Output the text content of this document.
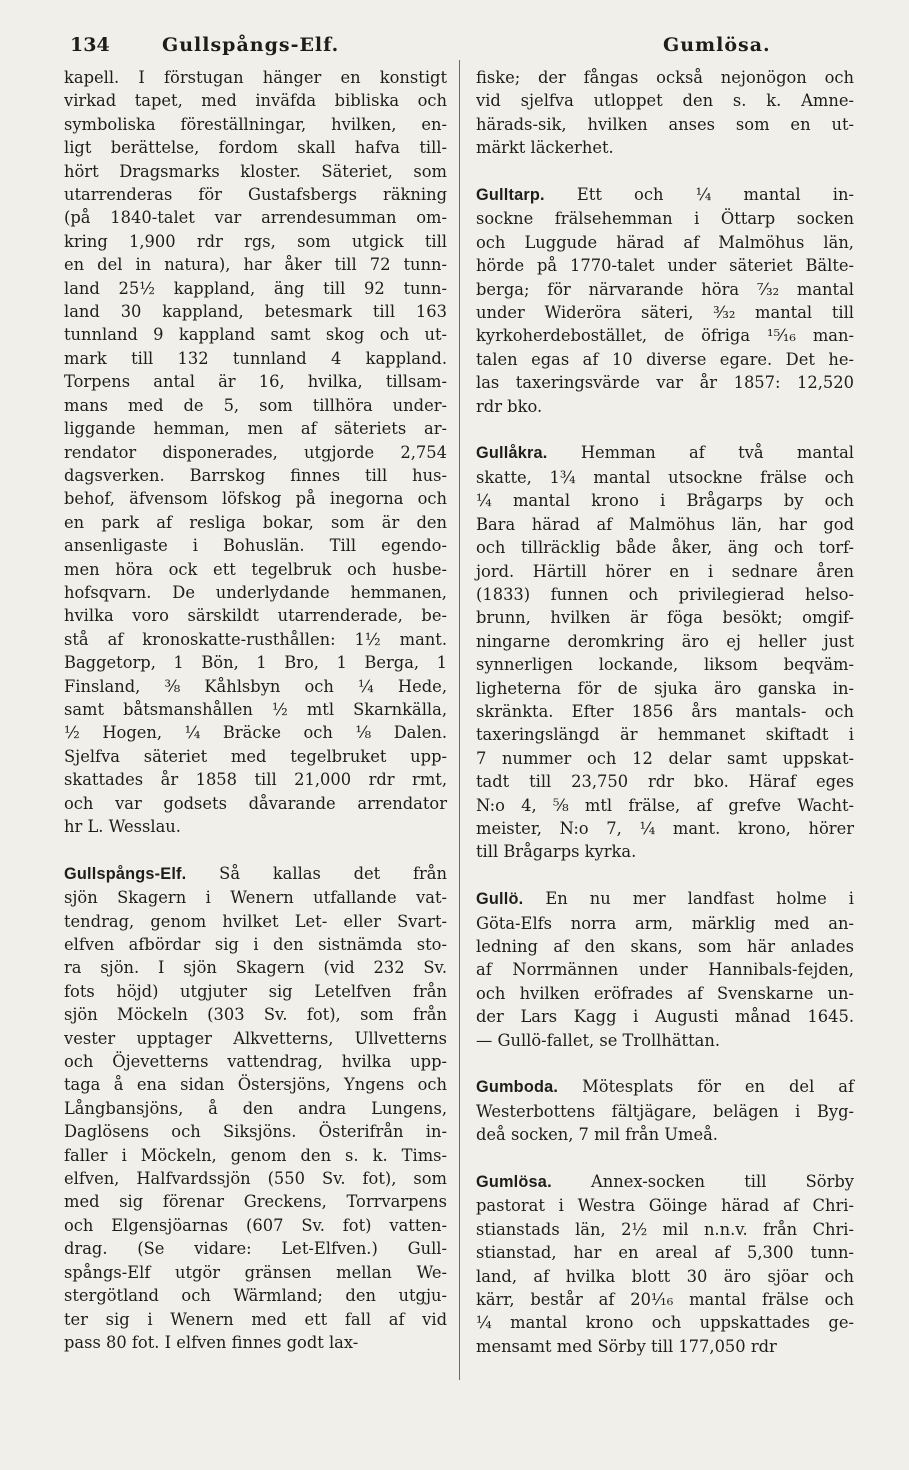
134	Gullspångs-Elf.	Gumlösa.

kapell. I förstugan hänger en konstigt

virkad tapet, med inväfda bibliska och

symboliska föreställningar, hvilken, en-

ligt berättelse, fordom skall hafva till-

hört Dragsmarks kloster. Säteriet, som

utarrenderas för Gustafsbergs räkning

(på 1840-talet var arrendesumman om-

kring 1,900 rdr rgs, som utgick till

en del in natura), har åker till 72 tunn-

land 25½ kappland, äng till 92 tunn-

land 30 kappland, betesmark till 163

tunnland 9 kappland samt skog och ut-

mark till 132 tunnland 4 kappland.

Torpens antal är 16, hvilka, tillsam-

mans med de 5, som tillhöra under-

liggande hemman, men af säteriets ar-

rendator disponerades, utgjorde 2,754

dagsverken. Barrskog finnes till hus-

behof, äfvensom löfskog på inegorna och

en park af resliga bokar, som är den

ansenligaste i Bohuslän. Till egendo-

men höra ock ett tegelbruk och husbe-

hofsqvarn. De underlydande hemmanen,

hvilka voro särskildt utarrenderade, be-

stå af kronoskatte-rusthållen: 1½ mant.

Baggetorp, 1 Bön, 1 Bro, 1 Berga, 1

Finsland, ⅜ Kåhlsbyn och ¼ Hede,

samt båtsmanshållen ½ mtl Skarnkälla,

½ Hogen, ¼ Bräcke och ⅛ Dalen.

Sjelfva säteriet med tegelbruket upp-

skattades år 1858 till 21,000 rdr rmt,

och var godsets dåvarande arrendator

hr L. Wesslau.

Gullspångs-Elf. Så kallas det från

sjön Skagern i Wenern utfallande vat-

tendrag, genom hvilket Let- eller Svart-

elfven afbördar sig i den sistnämda sto-

ra sjön. I sjön Skagern (vid 232 Sv.

fots höjd) utgjuter sig Letelfven från

sjön Möckeln (303 Sv. fot), som från

vester upptager Alkvetterns, Ullvetterns

och Öjevetterns vattendrag, hvilka upp-

taga å ena sidan Östersjöns, Yngens och

Långbansjöns, å den andra Lungens,

Daglösens och Siksjöns. Österifrån in-

faller i Möckeln, genom den s. k. Tims-

elfven, Halfvardssjön (550 Sv. fot), som

med sig förenar Greckens, Torrvarpens

och Elgensjöarnas (607 Sv. fot) vatten-

drag. (Se vidare: Let-Elfven.) Gull-

spångs-Elf utgör gränsen mellan We-

stergötland och Wärmland; den utgju-

ter sig i Wenern med ett fall af vid

pass 80 fot. I elfven finnes godt lax-

fiske; der fångas också nejonögon och

vid sjelfva utloppet den s. k. Amne-

härads-sik, hvilken anses som en ut-

märkt läckerhet.

Gulltarp. Ett och ¼ mantal in-

sockne frälsehemman i Öttarp socken

och Luggude härad af Malmöhus län,

hörde på 1770-talet under säteriet Bälte-

berga; för närvarande höra ⁷⁄₃₂ mantal

under Wideröra säteri, ³⁄₃₂ mantal till

kyrkoherdebostället, de öfriga ¹⁵⁄₁₆ man-

talen egas af 10 diverse egare. Det he-

las taxeringsvärde var år 1857: 12,520

rdr bko.

Gullåkra. Hemman af två mantal

skatte, 1¾ mantal utsockne frälse och

¼ mantal krono i Brågarps by och

Bara härad af Malmöhus län, har god

och tillräcklig både åker, äng och torf-

jord. Härtill hörer en i sednare åren

(1833) funnen och privilegierad helso-

brunn, hvilken är föga besökt; omgif-

ningarne deromkring äro ej heller just

synnerligen lockande, liksom beqväm-

ligheterna för de sjuka äro ganska in-

skränkta. Efter 1856 års mantals- och

taxeringslängd är hemmanet skiftadt i

7 nummer och 12 delar samt uppskat-

tadt till 23,750 rdr bko. Häraf eges

N:o 4, ⅝ mtl frälse, af grefve Wacht-

meister, N:o 7, ¼ mant. krono, hörer

till Brågarps kyrka.

Gullö. En nu mer landfast holme i

Göta-Elfs norra arm, märklig med an-

ledning af den skans, som här anlades

af Norrmännen under Hannibals-fejden,

och hvilken eröfrades af Svenskarne un-

der Lars Kagg i Augusti månad 1645.

— Gullö-fallet, se Trollhättan.

Gumboda. Mötesplats för en del af

Westerbottens fältjägare, belägen i Byg-

deå socken, 7 mil från Umeå.

Gumlösa. Annex-socken till Sörby

pastorat i Westra Göinge härad af Chri-

stianstads län, 2½ mil n.n.v. från Chri-

stianstad, har en areal af 5,300 tunn-

land, af hvilka blott 30 äro sjöar och

kärr, består af 20¹⁄₁₆ mantal frälse och

¼ mantal krono och uppskattades ge-

mensamt med Sörby till 177,050 rdr
